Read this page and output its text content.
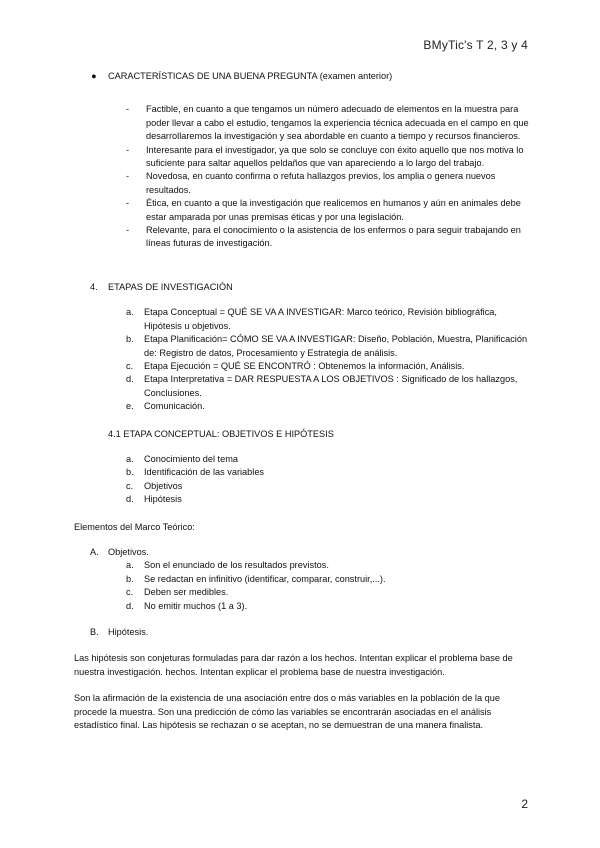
BMyTic's T 2, 3 y 4
● CARACTERÍSTICAS DE UNA BUENA PREGUNTA (examen anterior)
- Factible, en cuanto a que tengamos un número adecuado de elementos en la muestra para poder llevar a cabo el estudio, tengamos la experiencia técnica adecuada en el campo en que desarrollaremos la investigación y sea abordable en cuanto a tiempo y recursos financieros.
- Interesante para el investigador, ya que solo se concluye con éxito aquello que nos motiva lo suficiente para saltar aquellos peldaños que van apareciendo a lo largo del trabajo.
- Novedosa, en cuanto confirma o refuta hallazgos previos, los amplia o genera nuevos resultados.
- Ética, en cuanto a que la investigación que realicemos en humanos y aún en animales debe estar amparada por unas premisas éticas y por una legislación.
- Relevante, para el conocimiento o la asistencia de los enfermos o para seguir trabajando en líneas futuras de investigación.
4. ETAPAS DE INVESTIGACIÓN
a. Etapa Conceptual = QUÉ SE VA A INVESTIGAR: Marco teórico, Revisión bibliográfica, Hipótesis u objetivos.
b. Etapa Planificación= CÓMO SE VA A INVESTIGAR: Diseño, Población, Muestra, Planificación de: Registro de datos, Procesamiento y Estrategia de análisis.
c. Etapa Ejecución = QUÉ SE ENCONTRÓ : Obtenemos la información, Análisis.
d. Etapa Interpretativa = DAR RESPUESTA A LOS OBJETIVOS : Significado de los hallazgos, Conclusiones.
e. Comunicación.
4.1 ETAPA CONCEPTUAL: OBJETIVOS E HIPÓTESIS
a. Conocimiento del tema
b. Identificación de las variables
c. Objetivos
d. Hipótesis
Elementos del Marco Teórico:
A. Objetivos.
a. Son el enunciado de los resultados previstos.
b. Se redactan en infinitivo (identificar, comparar, construir,...).
c. Deben ser medibles.
d. No emitir muchos (1 a 3).
B. Hipótesis.

Las hipótesis son conjeturas formuladas para dar razón a los hechos. Intentan explicar el problema base de nuestra investigación. hechos. Intentan explicar el problema base de nuestra investigación.

Son la afirmación de la existencia de una asociación entre dos o más variables en la población de la que procede la muestra. Son una predicción de cómo las variables se encontrarán asociadas en el análisis estadístico final. Las hipótesis se rechazan o se aceptan, no se demuestran de una manera finalista.

2
